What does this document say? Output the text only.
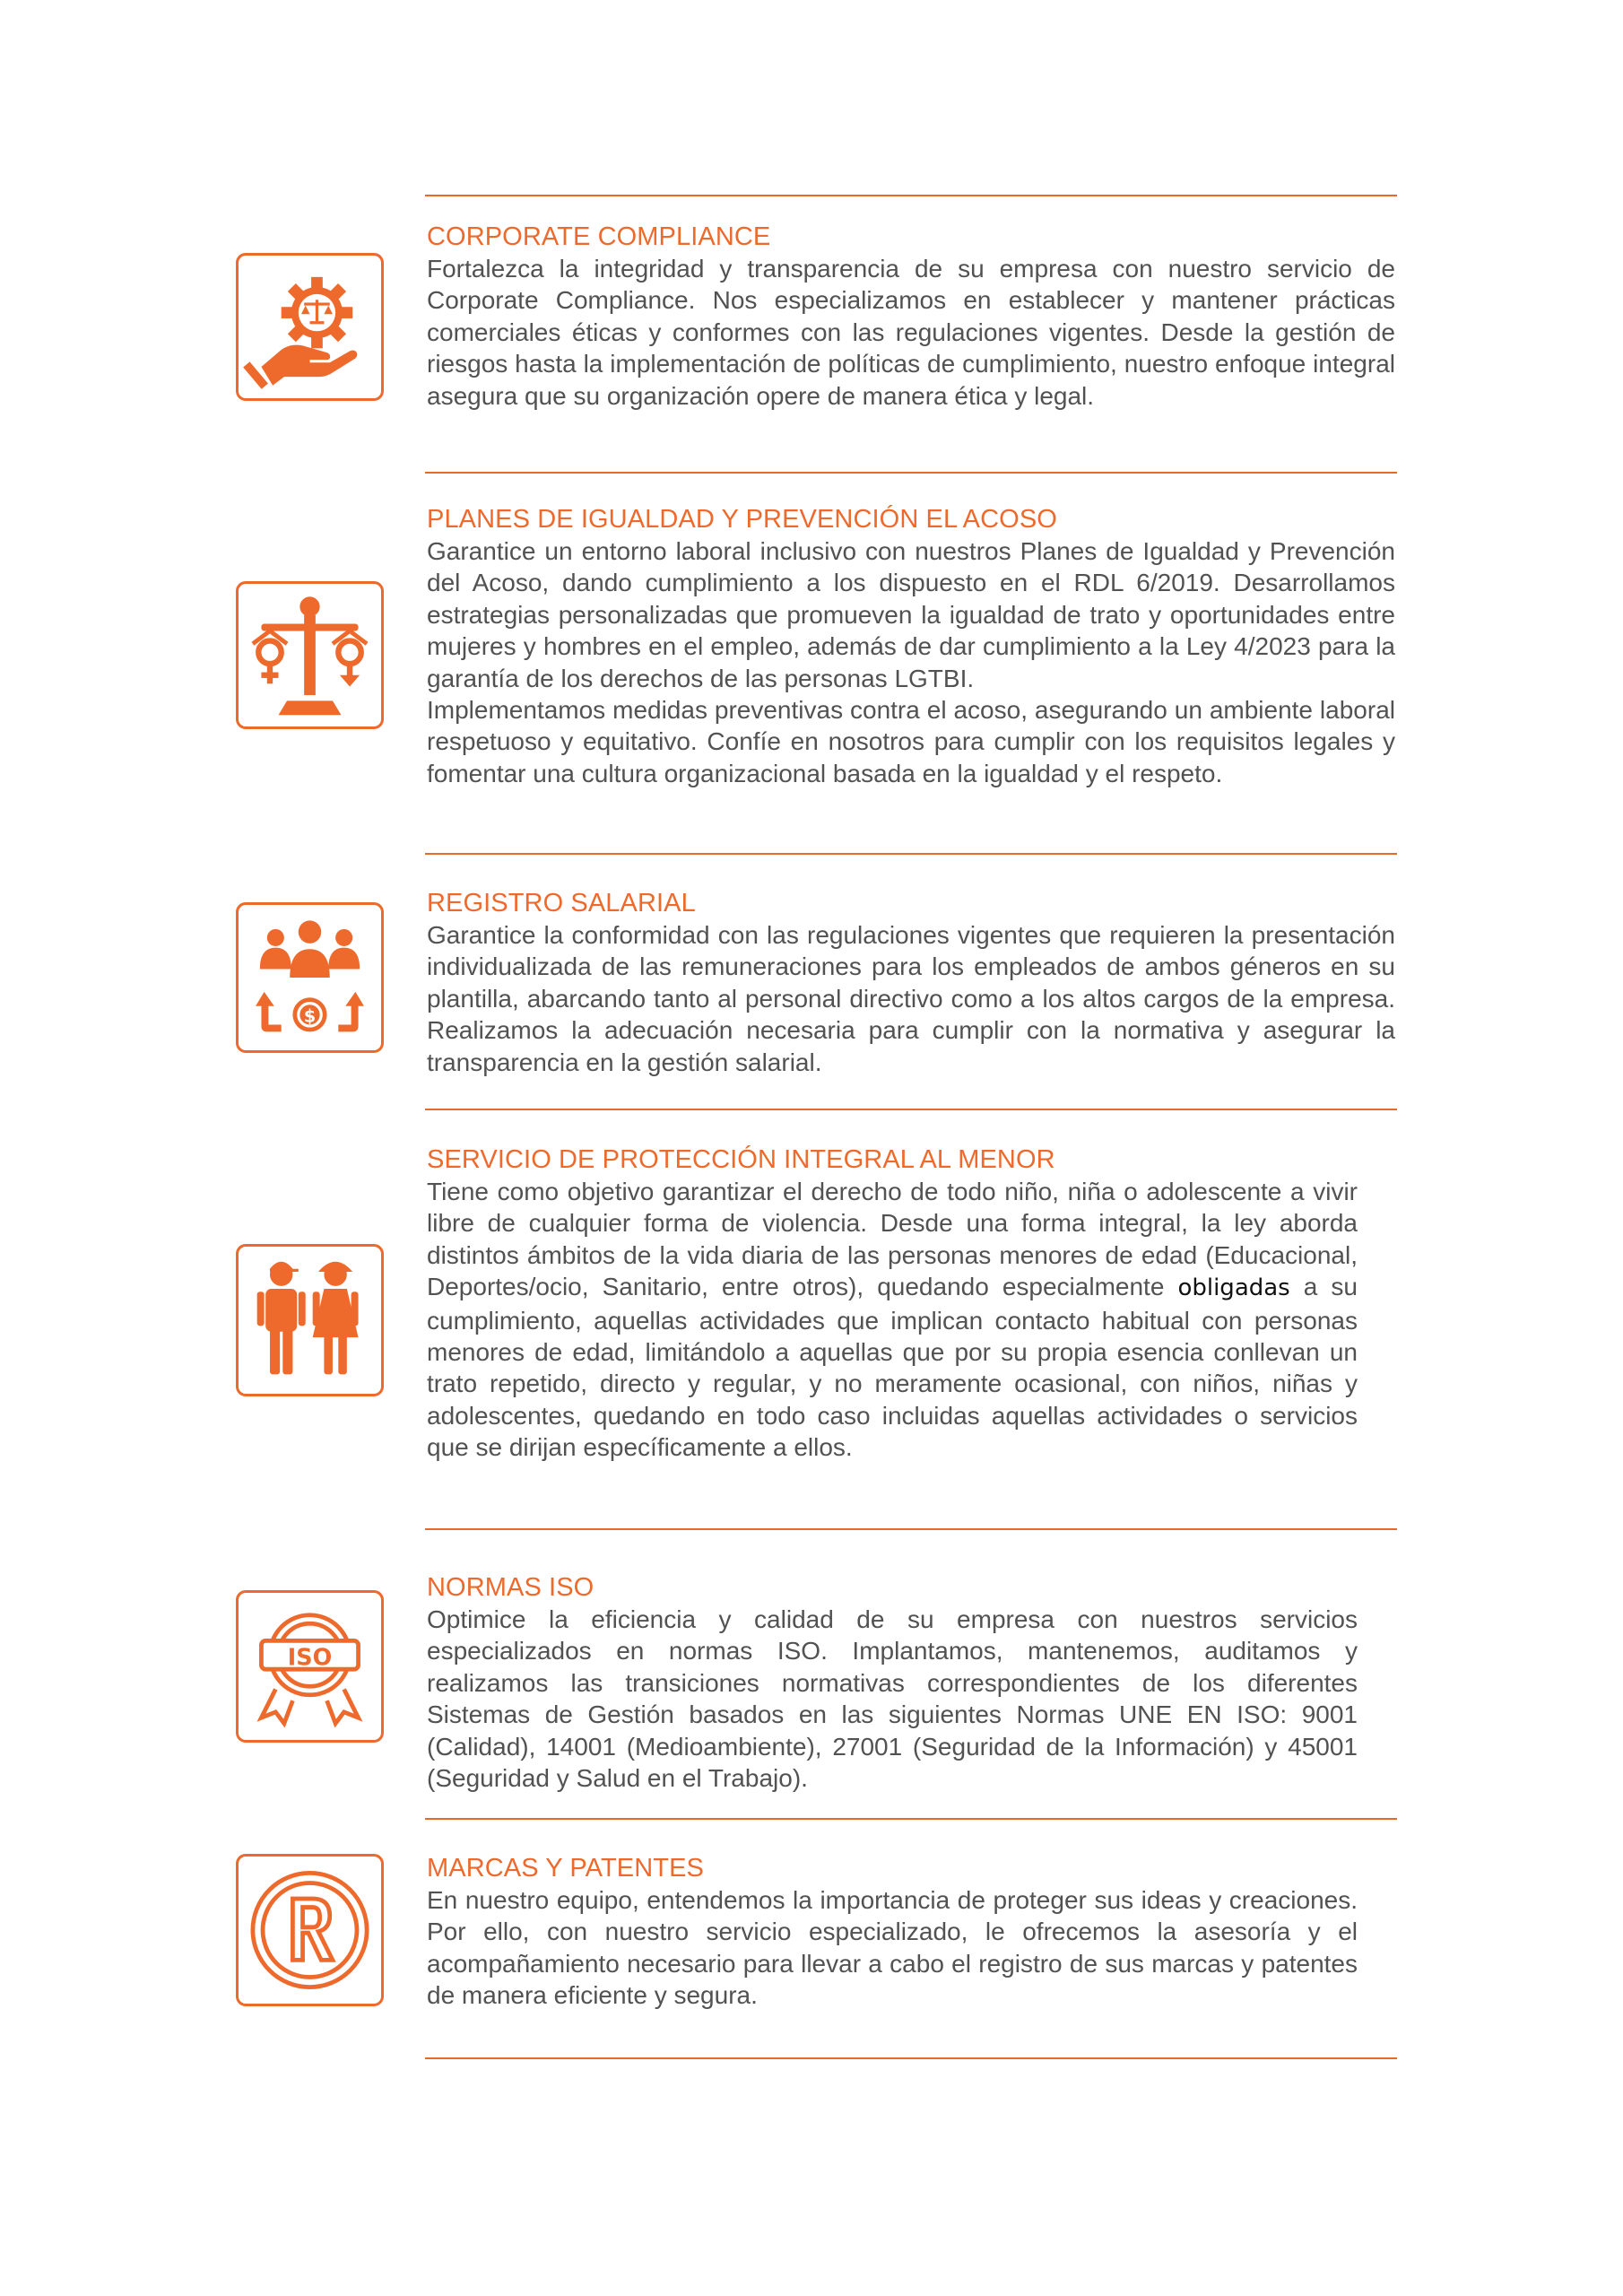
CORPORATE COMPLIANCE

Fortalezca la integridad y transparencia de su empresa con nuestro servicio de Corporate Compliance. Nos especializamos en establecer y mantener prácticas comerciales éticas y conformes con las regulaciones vigentes. Desde la gestión de riesgos hasta la implementación de políticas de cumplimiento, nuestro enfoque integral asegura que su organización opere de manera ética y legal.

PLANES DE IGUALDAD Y PREVENCIÓN EL ACOSO

Garantice un entorno laboral inclusivo con nuestros Planes de Igualdad y Prevención del Acoso, dando cumplimiento a los dispuesto en el RDL 6/2019. Desarrollamos estrategias personalizadas que promueven la igualdad de trato y oportunidades entre mujeres y hombres en el empleo, además de dar cumplimiento a la Ley 4/2023 para la garantía de los derechos de las personas LGTBI.

Implementamos medidas preventivas contra el acoso, asegurando un ambiente laboral respetuoso y equitativo. Confíe en nosotros para cumplir con los requisitos legales y fomentar una cultura organizacional basada en la igualdad y el respeto.

$
REGISTRO SALARIAL

Garantice la conformidad con las regulaciones vigentes que requieren la presentación individualizada de las remuneraciones para los empleados de ambos géneros en su plantilla, abarcando tanto al personal directivo como a los altos cargos de la empresa. Realizamos la adecuación necesaria para cumplir con la normativa y asegurar la transparencia en la gestión salarial.

SERVICIO DE PROTECCIÓN INTEGRAL AL MENOR

Tiene como objetivo garantizar el derecho de todo niño, niña o adolescente a vivir libre de cualquier forma de violencia. Desde una forma integral, la ley aborda distintos ámbitos de la vida diaria de las personas menores de edad (Educacional, Deportes/ocio, Sanitario, entre otros), quedando especialmente obligadas a su cumplimiento, aquellas actividades que implican contacto habitual con personas menores de edad, limitándolo a aquellas que por su propia esencia conllevan un trato repetido, directo y regular, y no meramente ocasional, con niños, niñas y adolescentes, quedando en todo caso incluidas aquellas actividades o servicios que se dirijan específicamente a ellos.

ISO
NORMAS ISO

Optimice la eficiencia y calidad de su empresa con nuestros servicios especializados en normas ISO. Implantamos, mantenemos, auditamos y realizamos las transiciones normativas correspondientes de los diferentes Sistemas de Gestión basados en las siguientes Normas UNE EN ISO: 9001 (Calidad), 14001 (Medioambiente), 27001 (Seguridad de la Información) y 45001 (Seguridad y Salud en el Trabajo).

MARCAS Y PATENTES

En nuestro equipo, entendemos la importancia de proteger sus ideas y creaciones. Por ello, con nuestro servicio especializado, le ofrecemos la asesoría y el acompañamiento necesario para llevar a cabo el registro de sus marcas y patentes de manera eficiente y segura.
